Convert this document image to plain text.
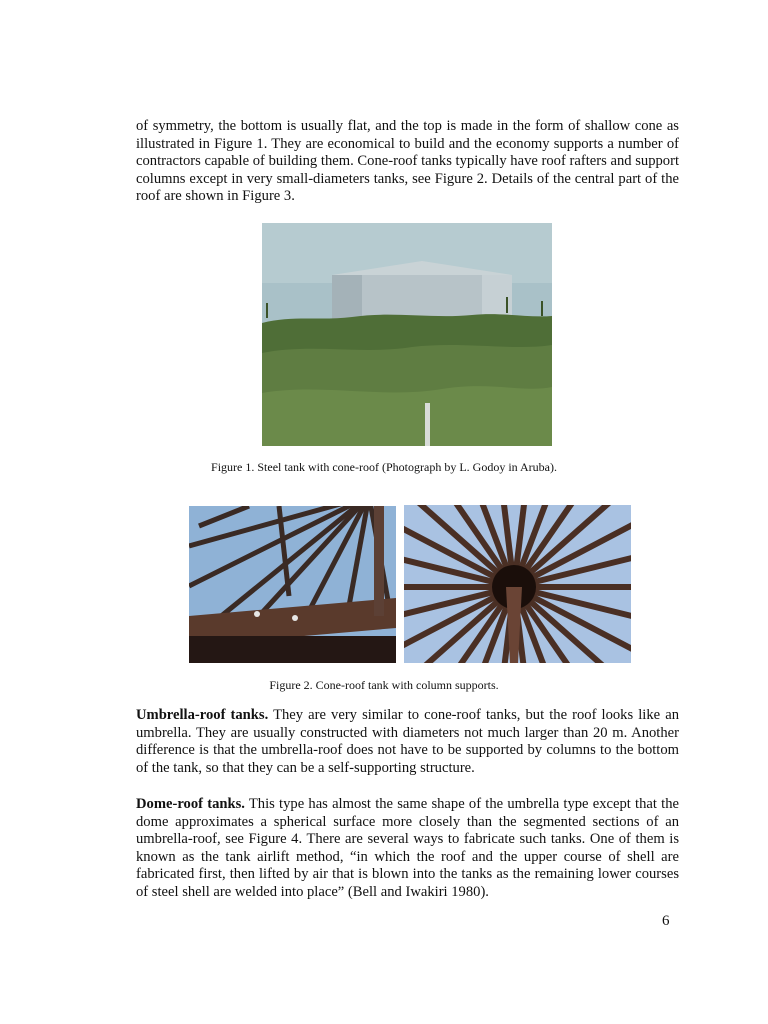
of symmetry, the bottom is usually flat, and the top is made in the form of shallow cone as illustrated in Figure 1. They are economical to build and the economy supports a number of contractors capable of building them. Cone-roof tanks typically have roof rafters and support columns except in very small-diameters tanks, see Figure 2. Details of the central part of the roof are shown in Figure 3.

Figure 1. Steel tank with cone-roof (Photograph by L. Godoy in Aruba).
Figure 2. Cone-roof tank with column supports.

Umbrella-roof tanks. They are very similar to cone-roof tanks, but the roof looks like an umbrella. They are usually constructed with diameters not much larger than 20 m. Another difference is that the umbrella-roof does not have to be supported by columns to the bottom of the tank, so that they can be a self-supporting structure.

Dome-roof tanks. This type has almost the same shape of the umbrella type except that the dome approximates a spherical surface more closely than the segmented sections of an umbrella-roof, see Figure 4. There are several ways to fabricate such tanks. One of them is known as the tank airlift method, “in which the roof and the upper course of shell are fabricated first, then lifted by air that is blown into the tanks as the remaining lower courses of steel shell are welded into place” (Bell and Iwakiri 1980).

6
